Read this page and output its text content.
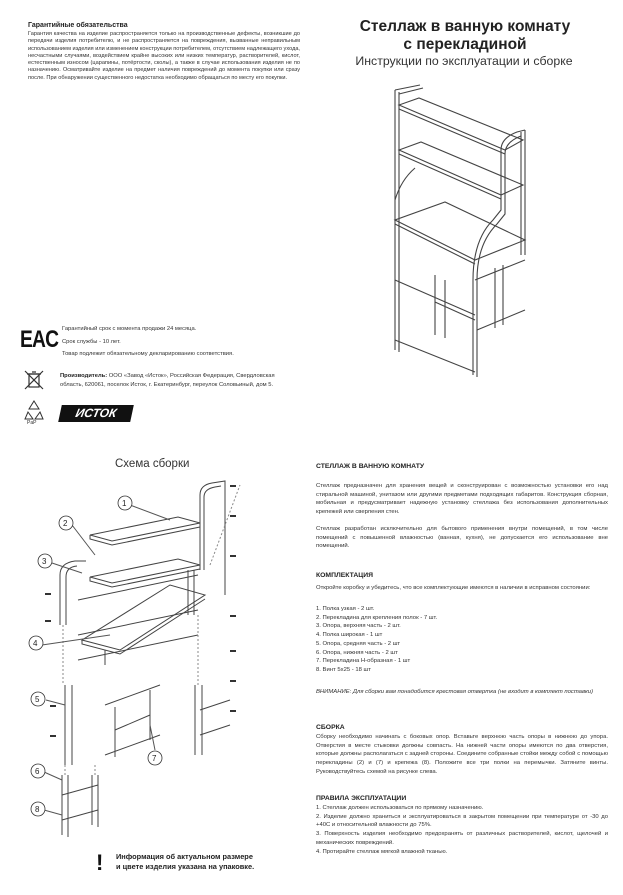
Гарантийные обязательства
Гарантия качества на изделие распространяется только на производственные дефекты, возникшие до передачи изделия потребителю, и не распространяется на повреждения, вызванные неправильным использованием изделия или изменением конструкции потребителем, отсутствием надлежащего ухода, несчастными случаями, воздействием крайне высоких или низких температур, растворителей, кислот, естественным износом (царапины, потёртости, сколы), а также в случае использования изделия не по назначению. Осматривайте изделие на предмет наличия повреждений до момента покупки или сразу после. При обнаружении существенного недостатка необходимо обращаться по месту его покупки.
Стеллаж в ванную комнату
с перекладиной
Инструкции по эксплуатации и сборке
EAC Гарантийный срок с момента продажи 24 месяца.
Срок службы - 10 лет.
Товар подлежит обязательному декларированию соответствия.
Производитель: ООО «Завод «Исток», Российская Федерация, Свердловская область, 620061, поселок Исток, г. Екатеринбург, переулок Соловьиный, дом 5.
PaP
ИСТОК
Схема сборки
1
2
3
4
5
7
6
8
! Информация об актуальном размере
и цвете изделия указана на упаковке.
СТЕЛЛАЖ В ВАННУЮ КОМНАТУ
Стеллаж предназначен для хранения вещей и сконструирован с возможностью установки его над стиральной машиной, унитазом или другими предметами подходящих габаритов. Конструкция сборная, мобильная и предусматривает надежную установку стеллажа без использования дополнительных крепежей или сверления стен.
Стеллаж разработан исключительно для бытового применения внутри помещений, в том числе помещений с повышенной влажностью (ванная, кухня), не допускается его использование вне помещений.
КОМПЛЕКТАЦИЯ
Откройте коробку и убедитесь, что все комплектующие имеются в наличии в исправном состоянии:
1. Полка узкая - 2 шт.
2. Перекладина для крепления полок - 7 шт.
3. Опора, верхняя часть - 2 шт.
4. Полка широкая - 1 шт
5. Опора, средняя часть - 2 шт
6. Опора, нижняя часть - 2 шт
7. Перекладина Н-образная - 1 шт
8. Винт 5х25 - 18 шт
ВНИМАНИЕ: Для сборки вам понадобится крестовая отвертка (не входит в комплект поставки)
СБОРКА
Сборку необходимо начинать с боковых опор. Вставьте верхнюю часть опоры в нижнюю до упора. Отверстия в месте стыковки должны совпасть. На нижней части опоры имеются по два отверстия, которые должны располагаться с задней стороны. Соедините собранные стойки между собой с помощью перекладины (2) и (7) и крепежа (8). Положите все три полки на перемычки. Затяните винты. Руководствуйтесь схемой на рисунке слева.
ПРАВИЛА ЭКСПЛУАТАЦИИ
1. Стеллаж должен использоваться по прямому назначению.
2. Изделие должно храниться и эксплуатироваться в закрытом помещении при температуре от -30 до +40С и относительной влажности до 75%.
3. Поверхность изделия необходимо предохранять от различных растворителей, кислот, щелочей и механических повреждений.
4. Протирайте стеллаж мягкой влажной тканью.
